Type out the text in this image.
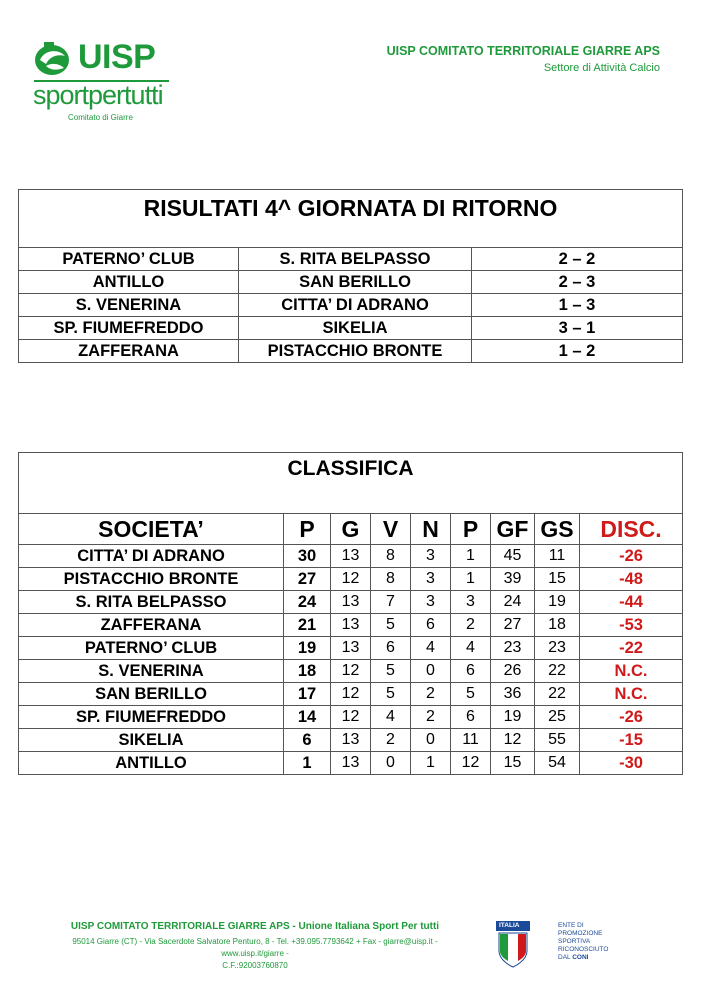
UISP
sportpertutti
Comitato di Giarre
UISP COMITATO TERRITORIALE GIARRE APS
Settore di Attività Calcio
RISULTATI 4^ GIORNATA DI RITORNO		
PATERNO’ CLUB	S. RITA BELPASSO	2 – 2
ANTILLO	SAN BERILLO	2 – 3
S. VENERINA	CITTA’ DI ADRANO	1 – 3
SP. FIUMEFREDDO	SIKELIA	3 – 1
ZAFFERANA	PISTACCHIO BRONTE	1 – 2
CLASSIFICA								
SOCIETA’	P	G	V	N	P	GF	GS	DISC.
CITTA’ DI ADRANO	30	13	8	3	1	45	11	-26
PISTACCHIO BRONTE	27	12	8	3	1	39	15	-48
S. RITA BELPASSO	24	13	7	3	3	24	19	-44
ZAFFERANA	21	13	5	6	2	27	18	-53
PATERNO’ CLUB	19	13	6	4	4	23	23	-22
S. VENERINA	18	12	5	0	6	26	22	N.C.
SAN BERILLO	17	12	5	2	5	36	22	N.C.
SP. FIUMEFREDDO	14	12	4	2	6	19	25	-26
SIKELIA	6	13	2	0	11	12	55	-15
ANTILLO	1	13	0	1	12	15	54	-30
UISP COMITATO TERRITORIALE GIARRE APS - Unione Italiana Sport Per tutti
95014 Giarre (CT) - Via Sacerdote Salvatore Penturo, 8 - Tel. +39.095.7793642 + Fax - giarre@uisp.it - www.uisp.it/giarre -
C.F.:92003760870
ITALIA	ENTE DI PROMOZIONE
SPORTIVA
RICONOSCIUTO
DAL CONI
